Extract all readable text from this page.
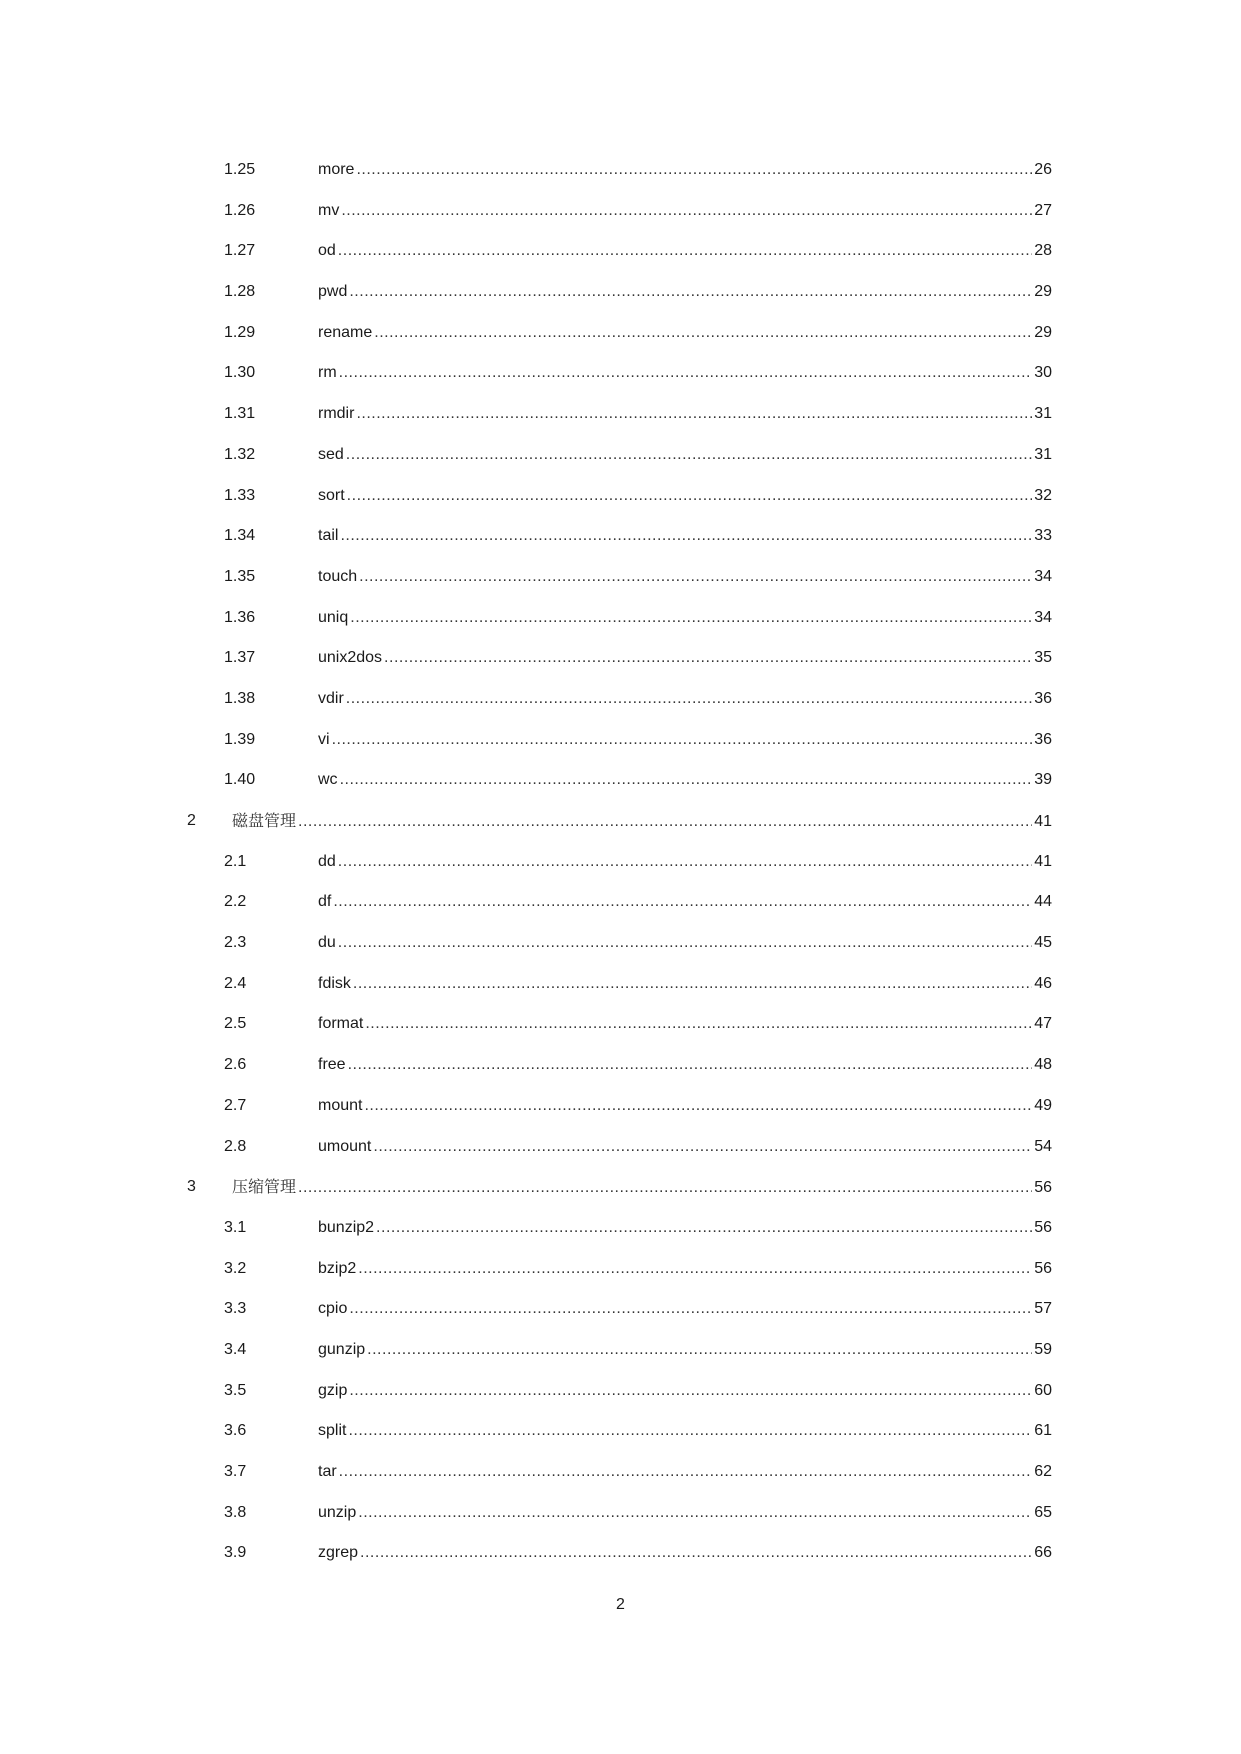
1.25	more .....	26
1.26	mv .....	27
1.27	od .....	28
1.28	pwd .....	29
1.29	rename .....	29
1.30	rm .....	30
1.31	rmdir .....	31
1.32	sed .....	31
1.33	sort .....	32
1.34	tail .....	33
1.35	touch .....	34
1.36	uniq .....	34
1.37	unix2dos .....	35
1.38	vdir .....	36
1.39	vi .....	36
1.40	wc .....	39
2 磁盘管理 .....	41
2.1	dd .....	41
2.2	df .....	44
2.3	du .....	45
2.4	fdisk .....	46
2.5	format .....	47
2.6	free .....	48
2.7	mount .....	49
2.8	umount .....	54
3 压缩管理 .....	56
3.1	bunzip2 .....	56
3.2	bzip2 .....	56
3.3	cpio .....	57
3.4	gunzip .....	59
3.5	gzip .....	60
3.6	split .....	61
3.7	tar .....	62
3.8	unzip .....	65
3.9	zgrep .....	66
2
